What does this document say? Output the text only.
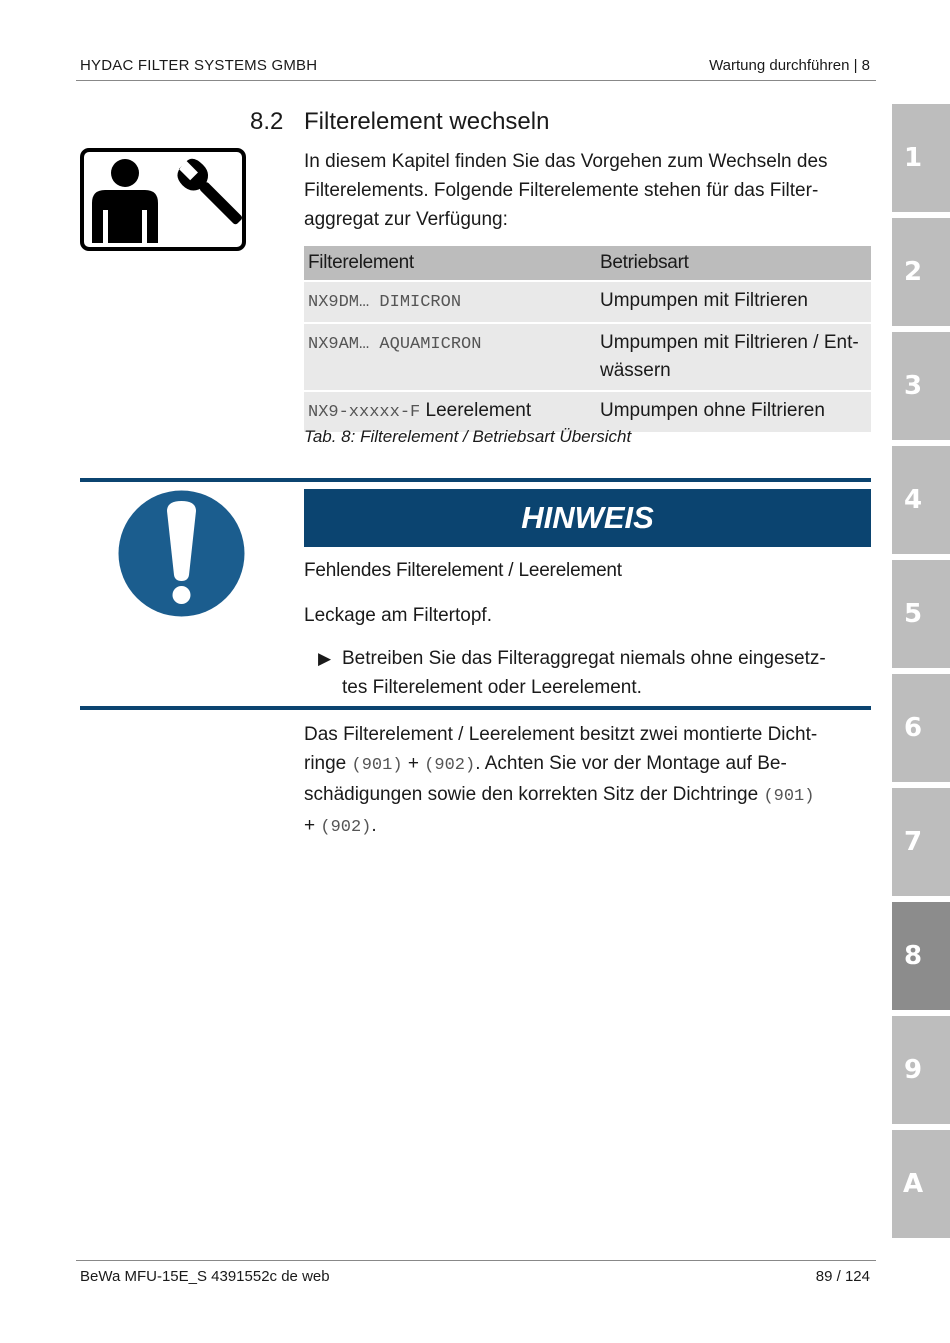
HYDAC FILTER SYSTEMS GMBH	Wartung durchführen | 8
1
2
3
4
5
6
7
8
9
A
8.2 Filterelement wechseln
In diesem Kapitel finden Sie das Vorgehen zum Wechseln des
Filterelements. Folgende Filterelemente stehen für das Filter-
aggregat zur Verfügung:
Filterelement	Betriebsart
NX9DM… DIMICRON	Umpumpen mit Filtrieren
NX9AM… AQUAMICRON	Umpumpen mit Filtrieren / Ent-
wässern

NX9-xxxxx-F Leerelement	Umpumpen ohne Filtrieren
Tab. 8: Filterelement / Betriebsart Übersicht
HINWEIS
Fehlendes Filterelement / Leerelement
Leckage am Filtertopf.
▶ Betreiben Sie das Filteraggregat niemals ohne eingesetz-
tes Filterelement oder Leerelement.
Das Filterelement / Leerelement besitzt zwei montierte Dicht-
ringe (901) + (902). Achten Sie vor der Montage auf Be-
schädigungen sowie den korrekten Sitz der Dichtringe (901)
+ (902).
BeWa MFU-15E_S 4391552c de web	89 / 124
